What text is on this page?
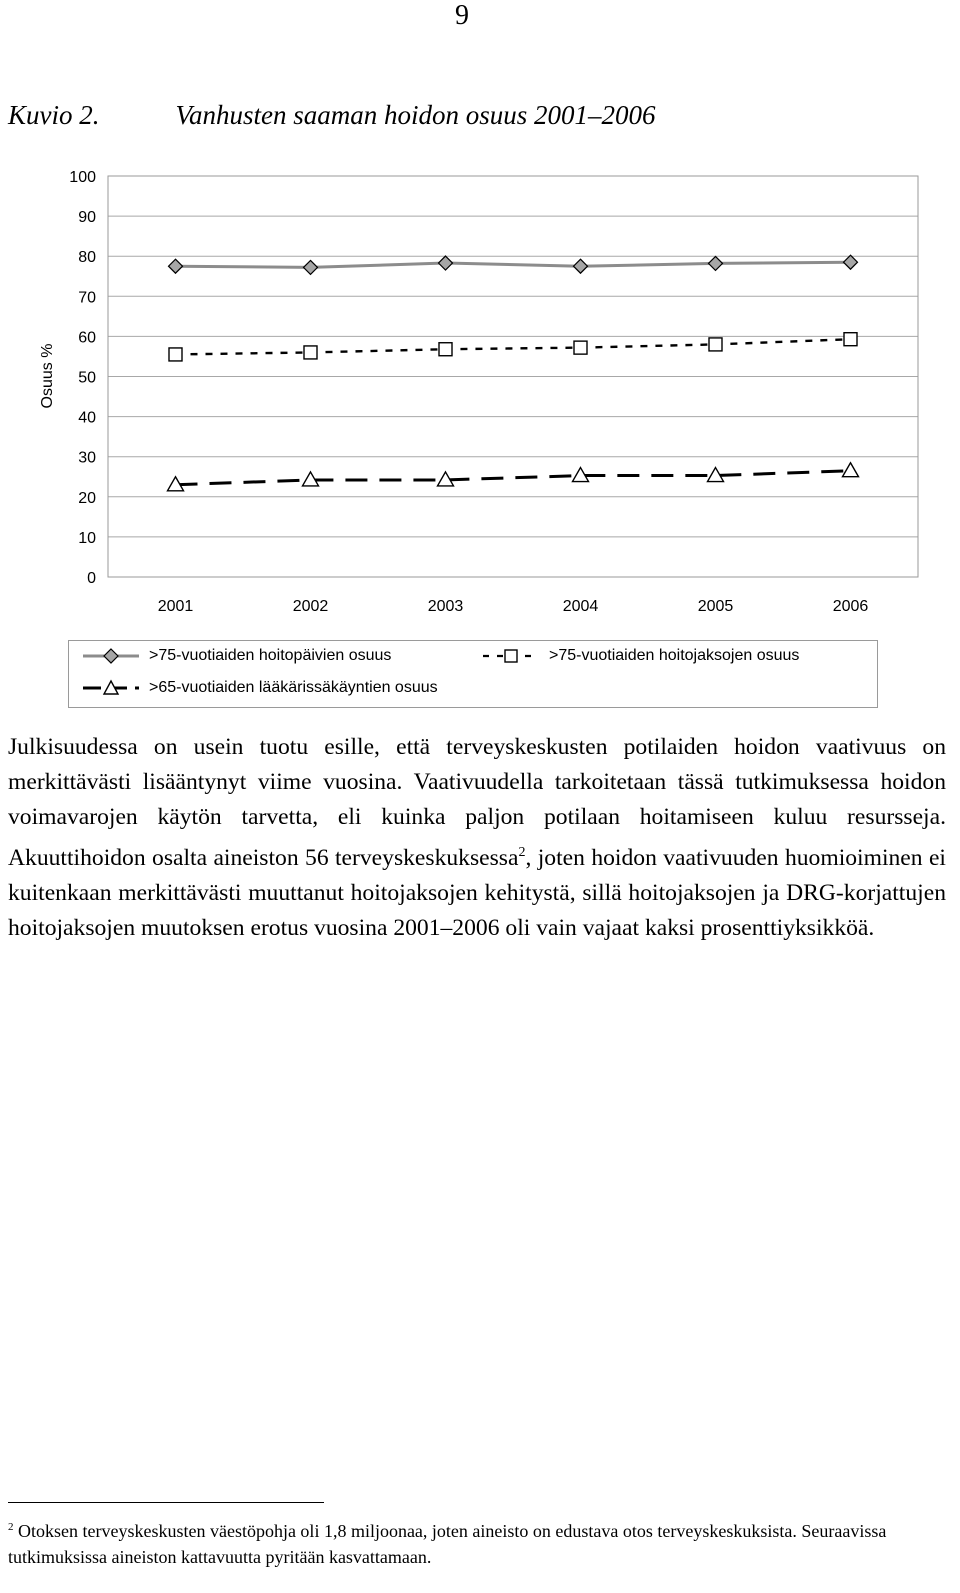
9
Kuvio 2.	Vanhusten saaman hoidon osuus 2001–2006
0
10
20
30
40
50
60
70
80
90
100
2001	2002	2003	2004	2005	2006
Osuus %
>75-vuotiaiden hoitopäivien osuus	>75-vuotiaiden hoitojaksojen osuus
>65-vuotiaiden lääkärissäkäyntien osuus

Julkisuudessa on usein tuotu esille, että terveyskeskusten potilaiden hoidon vaativuus on merkittävästi lisääntynyt viime vuosina. Vaativuudella tarkoitetaan tässä tutkimuksessa hoidon voimavarojen käytön tarvetta, eli kuinka paljon potilaan hoitamiseen kuluu resursseja. Akuuttihoidon osalta aineiston 56 terveyskeskuksessa$^2$, joten hoidon vaativuuden huomioiminen ei kuitenkaan merkittävästi muuttanut hoitojaksojen kehitystä, sillä hoitojaksojen ja DRG-korjattujen hoitojaksojen muutoksen erotus vuosina 2001–2006 oli vain vajaat kaksi prosenttiyksikköä.

$^2$ Otoksen terveyskeskusten väestöpohja oli 1,8 miljoonaa, joten aineisto on edustava otos terveyskeskuksista. Seuraavissa tutkimuksissa aineiston kattavuutta pyritään kasvattamaan.
